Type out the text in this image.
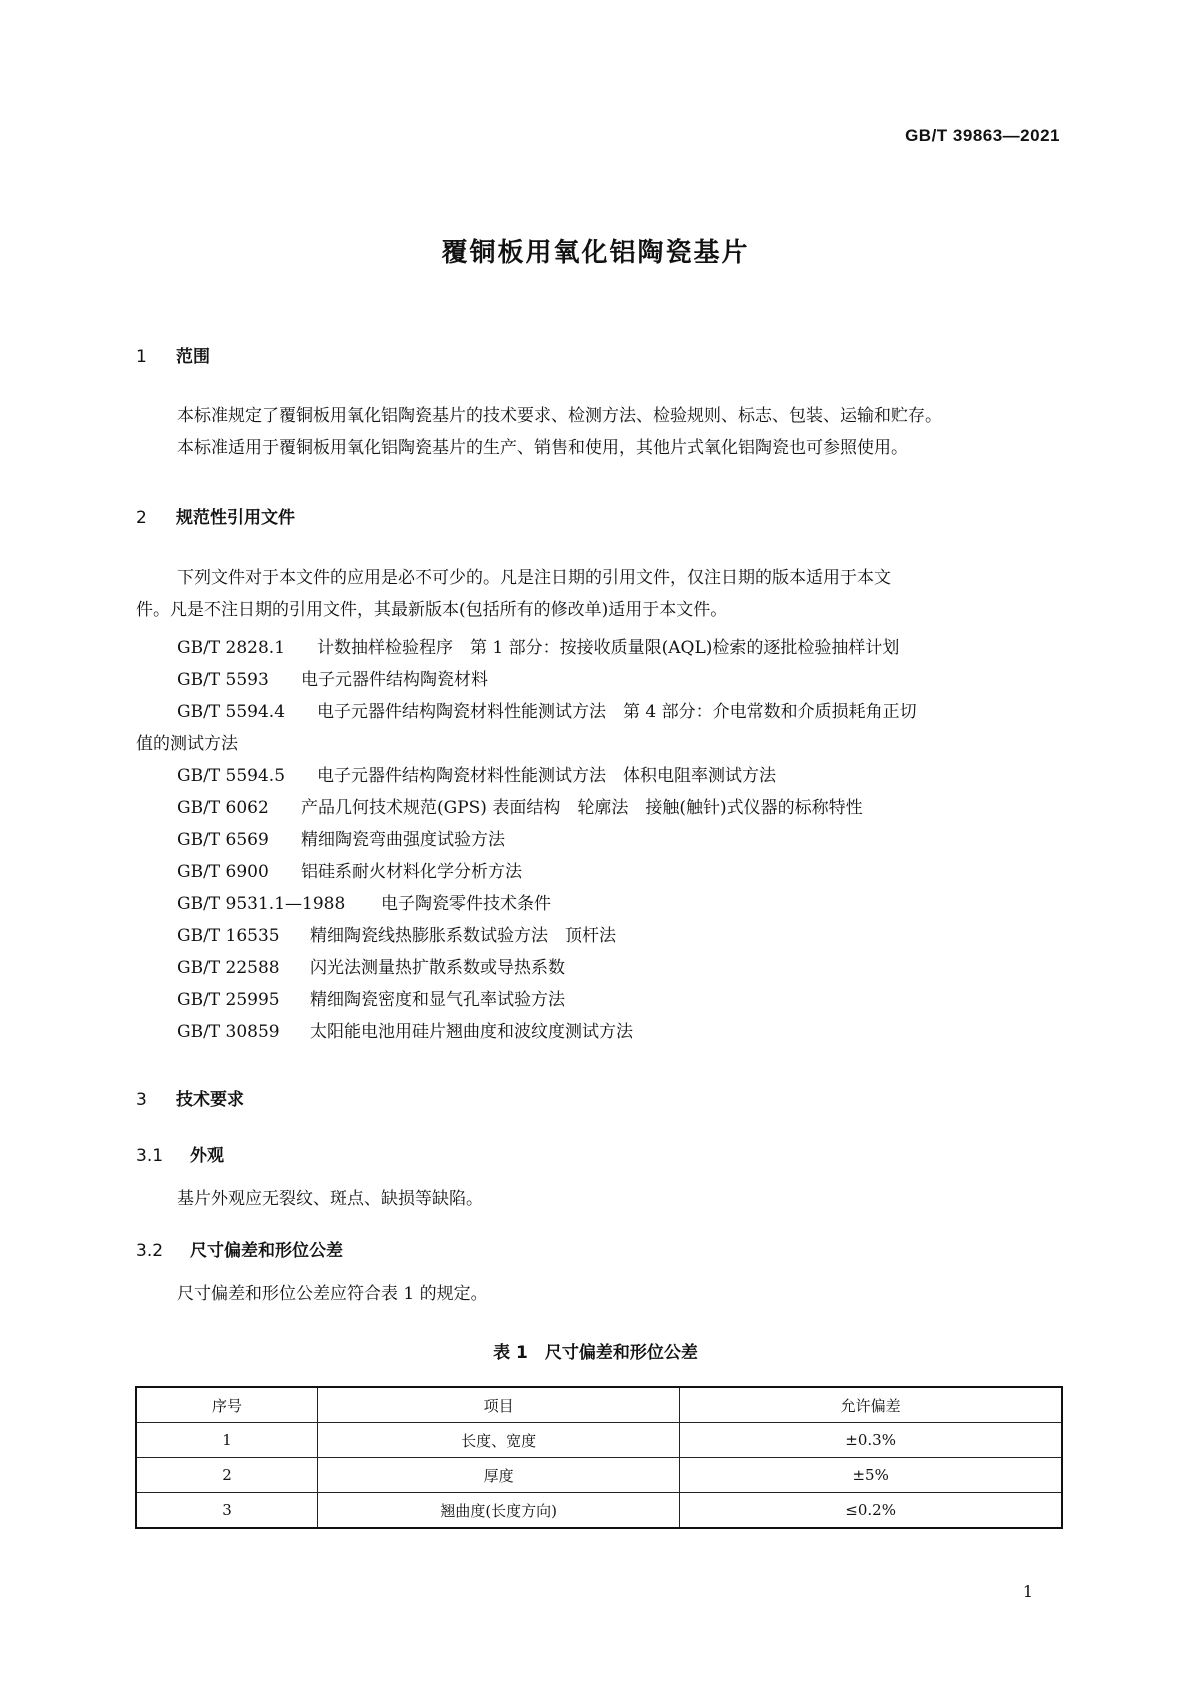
GB/T 39863—2021
覆铜板用氧化铝陶瓷基片
1 范围
本标准规定了覆铜板用氧化铝陶瓷基片的技术要求、检测方法、检验规则、标志、包装、运输和贮存。
本标准适用于覆铜板用氧化铝陶瓷基片的生产、销售和使用，其他片式氧化铝陶瓷也可参照使用。
2 规范性引用文件
下列文件对于本文件的应用是必不可少的。凡是注日期的引用文件，仅注日期的版本适用于本文
件。凡是不注日期的引用文件，其最新版本(包括所有的修改单)适用于本文件。
GB/T 2828.1 计数抽样检验程序　第 1 部分：按接收质量限(AQL)检索的逐批检验抽样计划
GB/T 5593 电子元器件结构陶瓷材料
GB/T 5594.4 电子元器件结构陶瓷材料性能测试方法　第 4 部分：介电常数和介质损耗角正切
值的测试方法
GB/T 5594.5 电子元器件结构陶瓷材料性能测试方法　体积电阻率测试方法
GB/T 6062 产品几何技术规范(GPS) 表面结构　轮廓法　接触(触针)式仪器的标称特性
GB/T 6569 精细陶瓷弯曲强度试验方法
GB/T 6900 铝硅系耐火材料化学分析方法
GB/T 9531.1—1988 电子陶瓷零件技术条件
GB/T 16535 精细陶瓷线热膨胀系数试验方法　顶杆法
GB/T 22588 闪光法测量热扩散系数或导热系数
GB/T 25995 精细陶瓷密度和显气孔率试验方法
GB/T 30859 太阳能电池用硅片翘曲度和波纹度测试方法
3 技术要求
3.1 外观
基片外观应无裂纹、斑点、缺损等缺陷。
3.2 尺寸偏差和形位公差
尺寸偏差和形位公差应符合表 1 的规定。
表 1　尺寸偏差和形位公差
序号	项目	允许偏差
1	长度、宽度	±0.3%
2	厚度	±5%
3	翘曲度(长度方向)	≤0.2%
1
